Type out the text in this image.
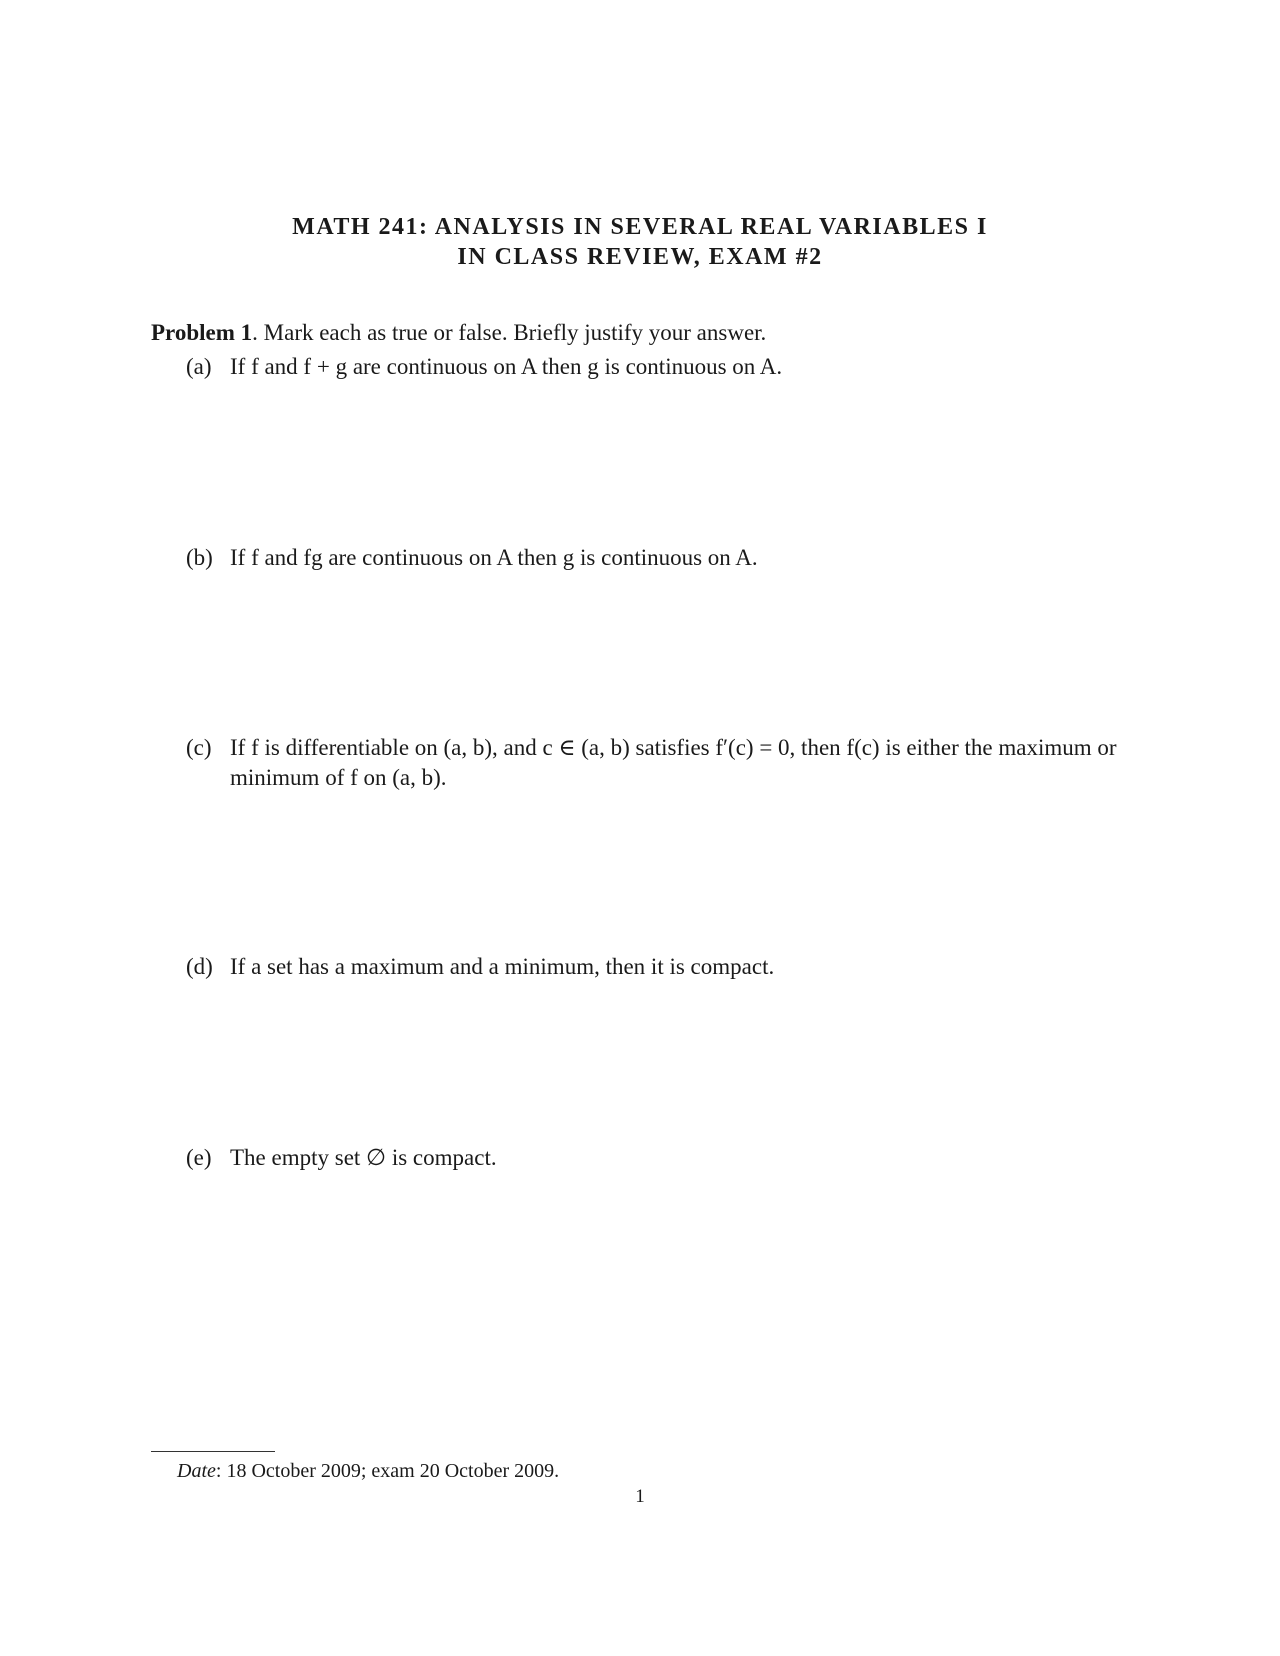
MATH 241: ANALYSIS IN SEVERAL REAL VARIABLES I
IN CLASS REVIEW, EXAM #2
Problem 1. Mark each as true or false. Briefly justify your answer.
(a) If f and f + g are continuous on A then g is continuous on A.
(b) If f and fg are continuous on A then g is continuous on A.
(c) If f is differentiable on (a, b), and c ∈ (a, b) satisfies f′(c) = 0, then f(c) is either the maximum or minimum of f on (a, b).
(d) If a set has a maximum and a minimum, then it is compact.
(e) The empty set ∅ is compact.
Date: 18 October 2009; exam 20 October 2009.
1
